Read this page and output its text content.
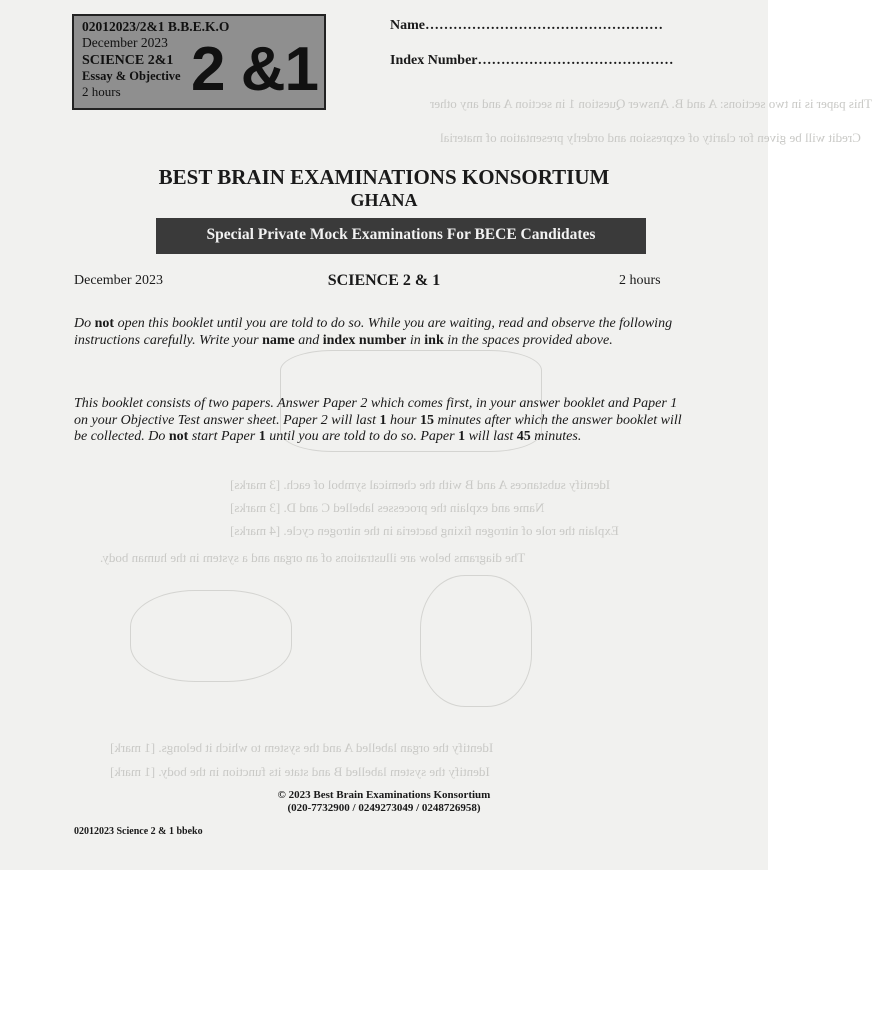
This paper is in two sections: A and B. Answer Question 1 in section A and any other
Credit will be given for clarity of expression and orderly presentation of material
Identify substances A and B with the chemical symbol of each. [3 marks]
Name and explain the processes labelled C and D. [3 marks]
Explain the role of nitrogen fixing bacteria in the nitrogen cycle. [4 marks]
The diagrams below are illustrations of an organ and a system in the human body.
Identify the organ labelled A and the system to which it belongs. [1 mark]
Identify the system labelled B and state its function in the body. [1 mark]
02012023/2&1 B.B.E.K.O
December 2023
SCIENCE 2&1
Essay & Objective
2 hours	2 &1
Name……………………………………………
Index Number……………………………………
BEST BRAIN EXAMINATIONS KONSORTIUM
GHANA
Special Private Mock Examinations For BECE Candidates
December 2023	SCIENCE 2 & 1	2 hours
Do not open this booklet until you are told to do so. While you are waiting, read and observe the following instructions carefully. Write your name and index number in ink in the spaces provided above.
This booklet consists of two papers. Answer Paper 2 which comes first, in your answer booklet and Paper 1 on your Objective Test answer sheet. Paper 2 will last 1 hour 15 minutes after which the answer booklet will be collected. Do not start Paper 1 until you are told to do so. Paper 1 will last 45 minutes.
© 2023 Best Brain Examinations Konsortium
(020-7732900 / 0249273049 / 0248726958)
02012023 Science 2 & 1 bbeko
